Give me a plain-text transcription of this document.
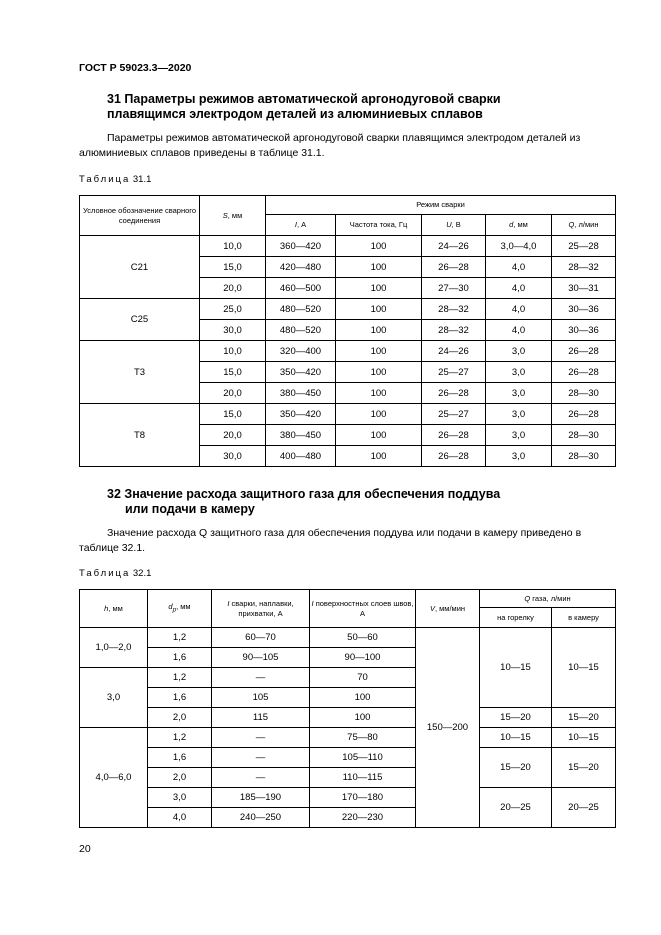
ГОСТ Р 59023.3—2020
31 Параметры режимов автоматической аргонодуговой сварки
плавящимся электродом деталей из алюминиевых сплавов
Параметры режимов автоматической аргонодуговой сварки плавящимся электродом деталей из алюминиевых сплавов приведены в таблице 31.1.
Таблица 31.1
Условное обозначение сварного соединения	S, мм	Режим сварки				
		I, А	Частота тока, Гц	U, В	d, мм	Q, л/мин
С21	10,0	360—420	100	24—26	3,0—4,0	25—28
	15,0	420—480	100	26—28	4,0	28—32
	20,0	460—500	100	27—30	4,0	30—31
С25	25,0	480—520	100	28—32	4,0	30—36
	30,0	480—520	100	28—32	4,0	30—36
Т3	10,0	320—400	100	24—26	3,0	26—28
	15,0	350—420	100	25—27	3,0	26—28
	20,0	380—450	100	26—28	3,0	28—30
Т8	15,0	350—420	100	25—27	3,0	26—28
	20,0	380—450	100	26—28	3,0	28—30
	30,0	400—480	100	26—28	3,0	28—30
32 Значение расхода защитного газа для обеспечения поддува
или подачи в камеру
Значение расхода Q защитного газа для обеспечения поддува или подачи в камеру приведено в таблице 32.1.
Таблица 32.1
h, мм	$d_p$, мм	I сварки, наплавки, прихватки, А	I поверхностных слоев швов, А	V, мм/мин	Q газа, л/мин	
					на горелку	в камеру
1,0—2,0	1,2	60—70	50—60	150—200	10—15	10—15
	1,6	90—105	90—100			
3,0	1,2	—	70			
	1,6	105	100			
	2,0	115	100		15—20	15—20
4,0—6,0	1,2	—	75—80		10—15	10—15
	1,6	—	105—110		15—20	15—20
	2,0	—	110—115			
	3,0	185—190	170—180		20—25	20—25
	4,0	240—250	220—230			
20
